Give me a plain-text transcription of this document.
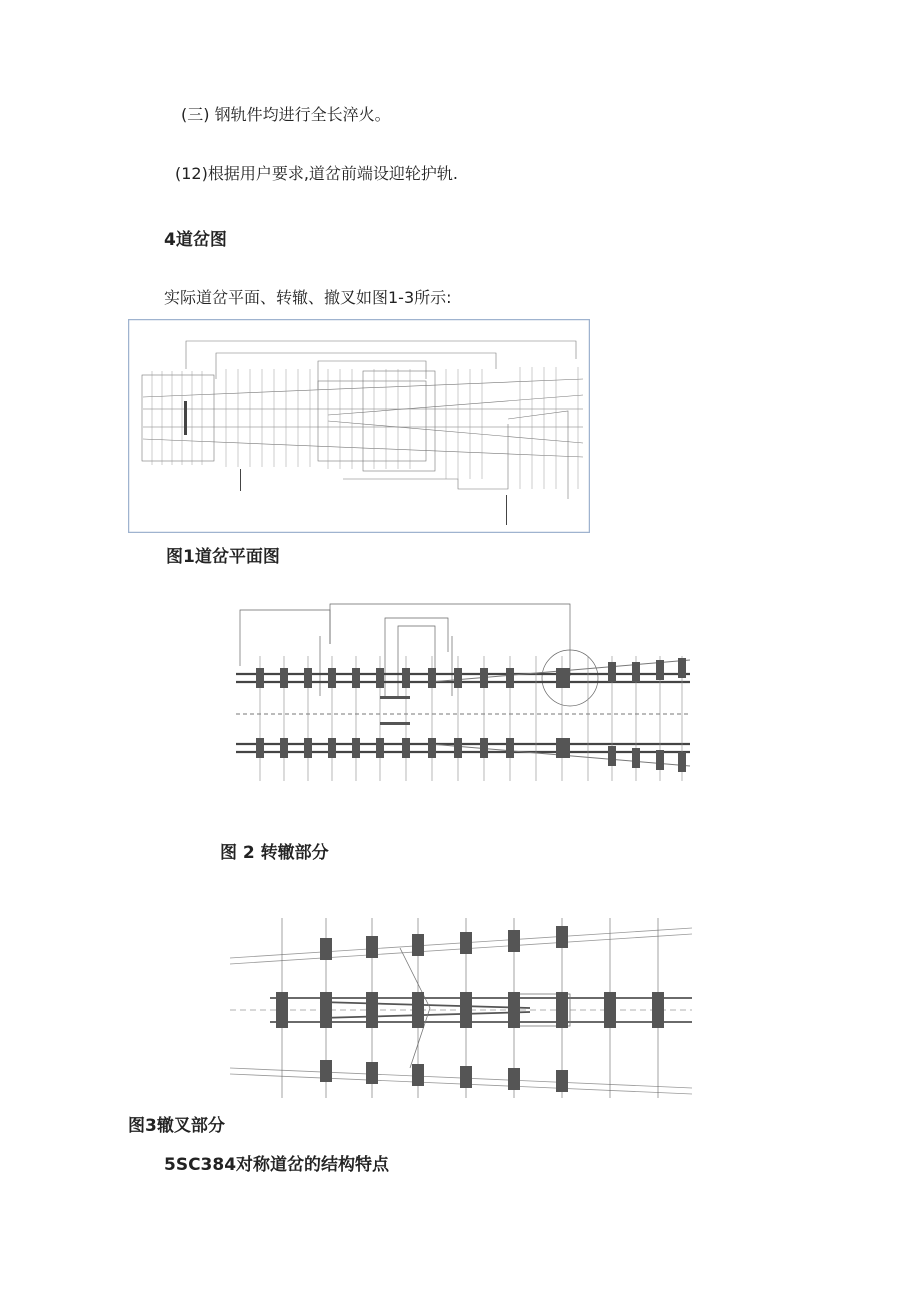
(三) 钢轨件均进行全长淬火。
(12)根据用户要求,道岔前端设迎轮护轨.
4道岔图
实际道岔平面、转辙、撤叉如图1-3所示:
图1道岔平面图
图 2 转辙部分
图3辙叉部分
5SC384对称道岔的结构特点
